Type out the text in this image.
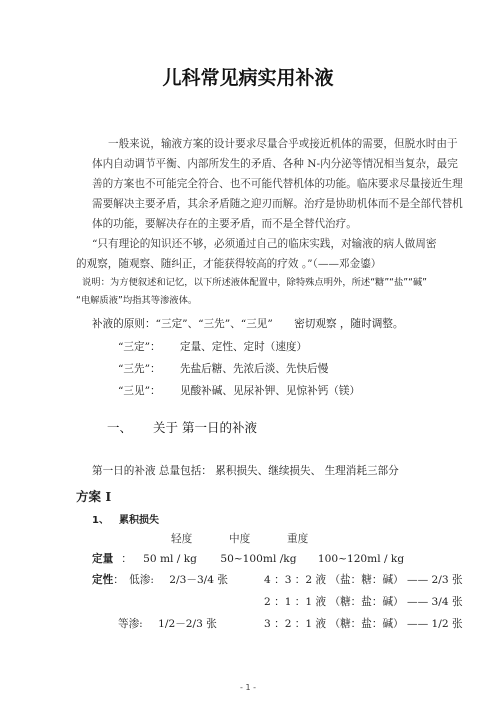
儿科常见病实用补液
一般来说，输液方案的设计要求尽量合乎或接近机体的需要，但脱水时由于
体内自动调节平衡、内部所发生的矛盾、各种 N-内分泌等情况相当复杂，最完
善的方案也不可能完全符合、也不可能代替机体的功能。临床要求尽量接近生理
需要解决主要矛盾，其余矛盾随之迎刃而解。治疗是协助机体而不是全部代替机
体的功能，要解决存在的主要矛盾，而不是全替代治疗。
“只有理论的知识还不够，必须通过自己的临床实践，对输液的病人做周密
的观察，随观察、随纠正，才能获得较高的疗效 。”（——邓金鎏）
说明：为方便叙述和记忆，以下所述液体配置中，除特殊点明外，所述“糖”“盐”“碱”
“电解质液”均指其等渗液体。
补液的原则：“三定”、“三先”、“三见” 密切观察 ，随时调整。
一、 关于 第一日的补液
第一日的补液 总量包括： 累积损失、继续损失、 生理消耗三部分
方案 I
1、 累积损失
轻度	中度	重度
定量 ： 50 ml / kg 50~100ml /kg 100~120ml / kg
定性： 低渗: 2/3－3/4 张	4 ：3 ：2 液 （盐：糖：碱） —— 2/3 张
2 ：1 ：1 液 （糖：盐：碱） —— 3/4 张
等渗: 1/2－2/3 张	3 ：2 ：1 液 （糖：盐：碱） —— 1/2 张
- 1 -
“三定”： 定量、定性、定时（速度）
“三先”： 先盐后糖、先浓后淡、先快后慢
“三见”： 见酸补碱、见尿补钾、见惊补钙（镁）
